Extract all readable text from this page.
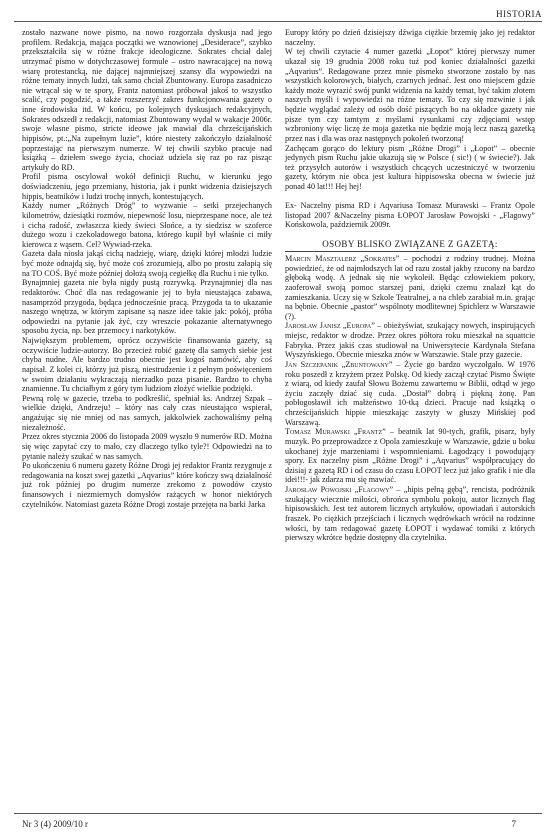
HISTORIA

zostało nazwane nowe pismo, na nowo rozgorzała dyskusja nad jego profilem. Redakcja, mająca początki we wznowionej „Desiderace”, szybko przekształciła się w różne frakcje ideologiczne. Sokrates chciał dalej utrzymać pismo w dotychczasowej formule – ostro nawracającej na nową wiarę protestancką, nie dającej najmniejszej szansy dla wypowiedzi na różne tematy innych ludzi, tak samo chciał Zbuntowany. Europa zasadniczo nie wtrącał się w te spory, Frantz natomiast próbował jakoś to wszystko scalić, czy pogodzić, a także rozszerzyć zakres funkcjonowania gazety o inne środowiska itd. W końcu, po kolejnych dyskusjach redakcyjnych, Sokrates odszedł z redakcji, natomiast Zbuntowany wydał w wakacje 2006r. swoje własne pismo, stricte ideowe jak mawiał dla chrześcijańskich hippisów, pt.:„Na zupełnym luzie”, które niestety zakończyło działalność poprzestając na pierwszym numerze. W tej chwili szybko pracuje nad książką – dziełem swego życia, chociaż udziela się raz po raz pisząc artykuły do RD.

Profil pisma oscylował wokół definicji Ruchu, w kierunku jego doświadczeniu, jego przemiany, historia, jak i punkt widzenia dzisiejszych hippis, beatników i ludzi trochę innych, kontestujących.

Każdy numer „Różnych Dróg” to wyzwanie – setki przejechanych kilometrów, dziesiątki rozmów, niepewność losu, nieprzespane noce, ale też i cicha radość, zwłaszcza kiedy świeci Słońce, a ty siedzisz w szoferce dużego wozu i czekoladowego batona, którego kupił był właśnie ci miły kierowca z wąsem. Cel? Wywiad-rzeka.

Gazeta dała niosła jakąś cichą nadzieję, wiarę, dzięki której młodzi ludzie być może odnajdą się, być może coś zrozumieją, albo po prostu załapią się na TO COŚ. Być może później dołożą swoją cegiełkę dla Ruchu i nie tylko.

Bynajmniej gazeta nie była nigdy pustą rozrywką. Przynajmniej dla nas redaktorów. Choć dla nas redagowanie jej to była nieustająca zabawa, nasamprzód przygoda, będąca jednocześnie pracą. Przygoda ta to ukazanie naszego wnętrza, w którym zapisane są nasze idee takie jak: pokój, próba odpowiedzi na pytanie jak żyć, czy wreszcie pokazanie alternatywnego sposobu życia, np. bez przemocy i narkotyków.

Największym problemem, oprócz oczywiście finansowania gazety, są oczywiście ludzie-autorzy. Bo przecież robić gazetę dla samych siebie jest chyba nudne. Ale bardzo trudno obecnie jest kogoś namówić, aby coś napisał. Z kolei ci, którzy już piszą, niestrudzenie i z pełnym poświęceniem w swoim działaniu wykraczają nierzadko poza pisanie. Bardzo to chyba znamienne. Tu chciałbym z góry tym ludziom złożyć wielkie podzięki.

Pewną rolę w gazecie, trzeba to podkreślić, spełniał ks. Andrzej Szpak – wielkie dzięki, Andrzeju! – który nas cały czas nieustająco wspierał, angażując się nie mniej od nas samych, jakkolwiek zachowaliśmy pełną niezależność.

Przez okres stycznia 2006 do listopada 2009 wyszło 9 numerów RD. Można się więc zapytać czy to mało, czy dlaczego tylko tyle?! Odpowiedzi na to pytanie należy szukać w nas samych.

Po ukończeniu 6 numeru gazety Różne Drogi jej redaktor Frantz rezygnuje z redagowania na koszt swej gazetki „Aqvarius” które kończy swą działalność już rok później po drugim numerze zrekomo z powodów czysto finansowych i niezmiernych domysłów rażących w honor niektórych czytelników. Natomiast gazeta Różne Drogi zostaje przejęta na barki Jarka

Europy który po dzień dzisiejszy dźwiga ciężkie brzemię jako jej redaktor naczelny.

W tej chwili czytacie 4 numer gazetki „Łopot” której pierwszy numer ukazał się 19 grudnia 2008 roku tuż pod koniec działalności gazetki „Aqvarius”. Redagowane przez mnie pismeko stworzone zostało by nas wszystkich kolorowych, białych, czarnych jednać. Jest ono miejscem gdzie każdy może wyrazić swój punkt widzenia na każdy temat, być takim złotem naszych myśli i wypowiedzi na różne tematy. To czy się rozwinie i jak będzie wyglądać zależy od osób dość piszących bo na okładce gazety nie pisze tym czy tamtym z myślami rysunkami czy zdjęciami wstęp wzbroniony więc liczę że moja gazetka nie będzie moją lecz naszą gazetką przez nas i dla was oraz następnych pokoleń tworzoną!

Zachęcam gorąco do lektury pism „Różne Drogi” i „Łopot” – obecnie jedynych pism Ruchu jakie ukazują się w Polsce ( sic!) ( w świecie?). Jak też przysyłch autorów i wszystkich chcących uczestniczyć w tworzeniu gazety, którym nie obca jest kultura hippisowska obecna w świecie już ponad 40 lat!!! Hej hej!

Ex- Naczelny pisma RD i Aqvariusa Tomasz Murawski – Frantz Opole listopad 2007 &Naczelny pisma ŁOPOT Jarosław Powojski - „Flagowy” Końskowola, październik 2009r.

OSOBY BLISKO ZWIĄZANE Z GAZETĄ:

Marcin Masztalerz „Sokrates” – pochodzi z rodziny trudnej. Można powiedzieć, że od najmłodszych lat od razu został jakby rzucony na bardzo głęboką wodę. A jednak się nie wykoleił. Będąc człowiekiem pokory, zaoferował swoją pomoc starszej pani, dzięki czemu znalazł kąt do zamieszkania. Uczy się w Szkole Teatralnej, a na chleb zarabiał m.in. grając na bębnie. Obecnie „pastor” wspólnoty modlitewnej Spichlerz w Warszawie (?).

Jarosław Janisz „Europa” – obieżyświat, szukający nowych, inspirujących miejsc, redaktor w drodze. Przez okres półtora roku mieszkał na squattcie Fabryka. Przez jakiś czas studiował na Uniwersytecie Kardynała Stefana Wyszyńskiego. Obecnie mieszka znów w Warszawie. Stale przy gazecie.

Jan Szczepanik „Zbuntowany” – Życie go bardzo wyczołgało. W 1976 roku poszedł z krzyżem przez Polskę. Od kiedy zaczął czytać Pismo Święte z wiarą, od kiedy zaufał Słowu Bożemu zawartemu w Biblii, odtąd w jego życiu zaczęły dziać się cuda. „Dostał” dobrą i piękną żonę. Pan pobłogosławił ich małżeństwo 10-tką dzieci. Pracuje nad książką o chrześcijańskich hippie mieszkając zaszyty w głuszy Mińskiej pod Warszawą.

Tomasz Murawski „Frantz” – beatnik lat 90-tych, grafik, pisarz, były muzyk. Po przeprowadzce z Opola zamieszkuje w Warszawie, gdzie u boku ukochanej żyje marzeniami i wspomnieniami. Łagodzący i powodujący spory. Ex naczelny pism „Różne Drogi” i „Aqvarius” współpracujący do dzisiaj z gazetą RD i od czasu do czasu ŁOPOT lecz już jako grafik i nie dla idei!!!- jak zdarza mu się mawiać.

Jarosław Powojski „Flagowy” – „hipis pełną gębą”, rencista, podróżnik szukający wiecznie miłości, obrońca symbolu pokoju, autor licznych flag hipisowskich. Jest też autorem licznych artykułów, opowiadań i autorskich fraszek. Po ciężkich przejściach i licznych wędrówkach wrócił na rodzinne włości, by tam redagować gazetę ŁOPOT i wydawać tomiki z których pierwszy wkrótce będzie dostępny dla czytelnika.

Nr 3 (4) 2009/10 r	7
